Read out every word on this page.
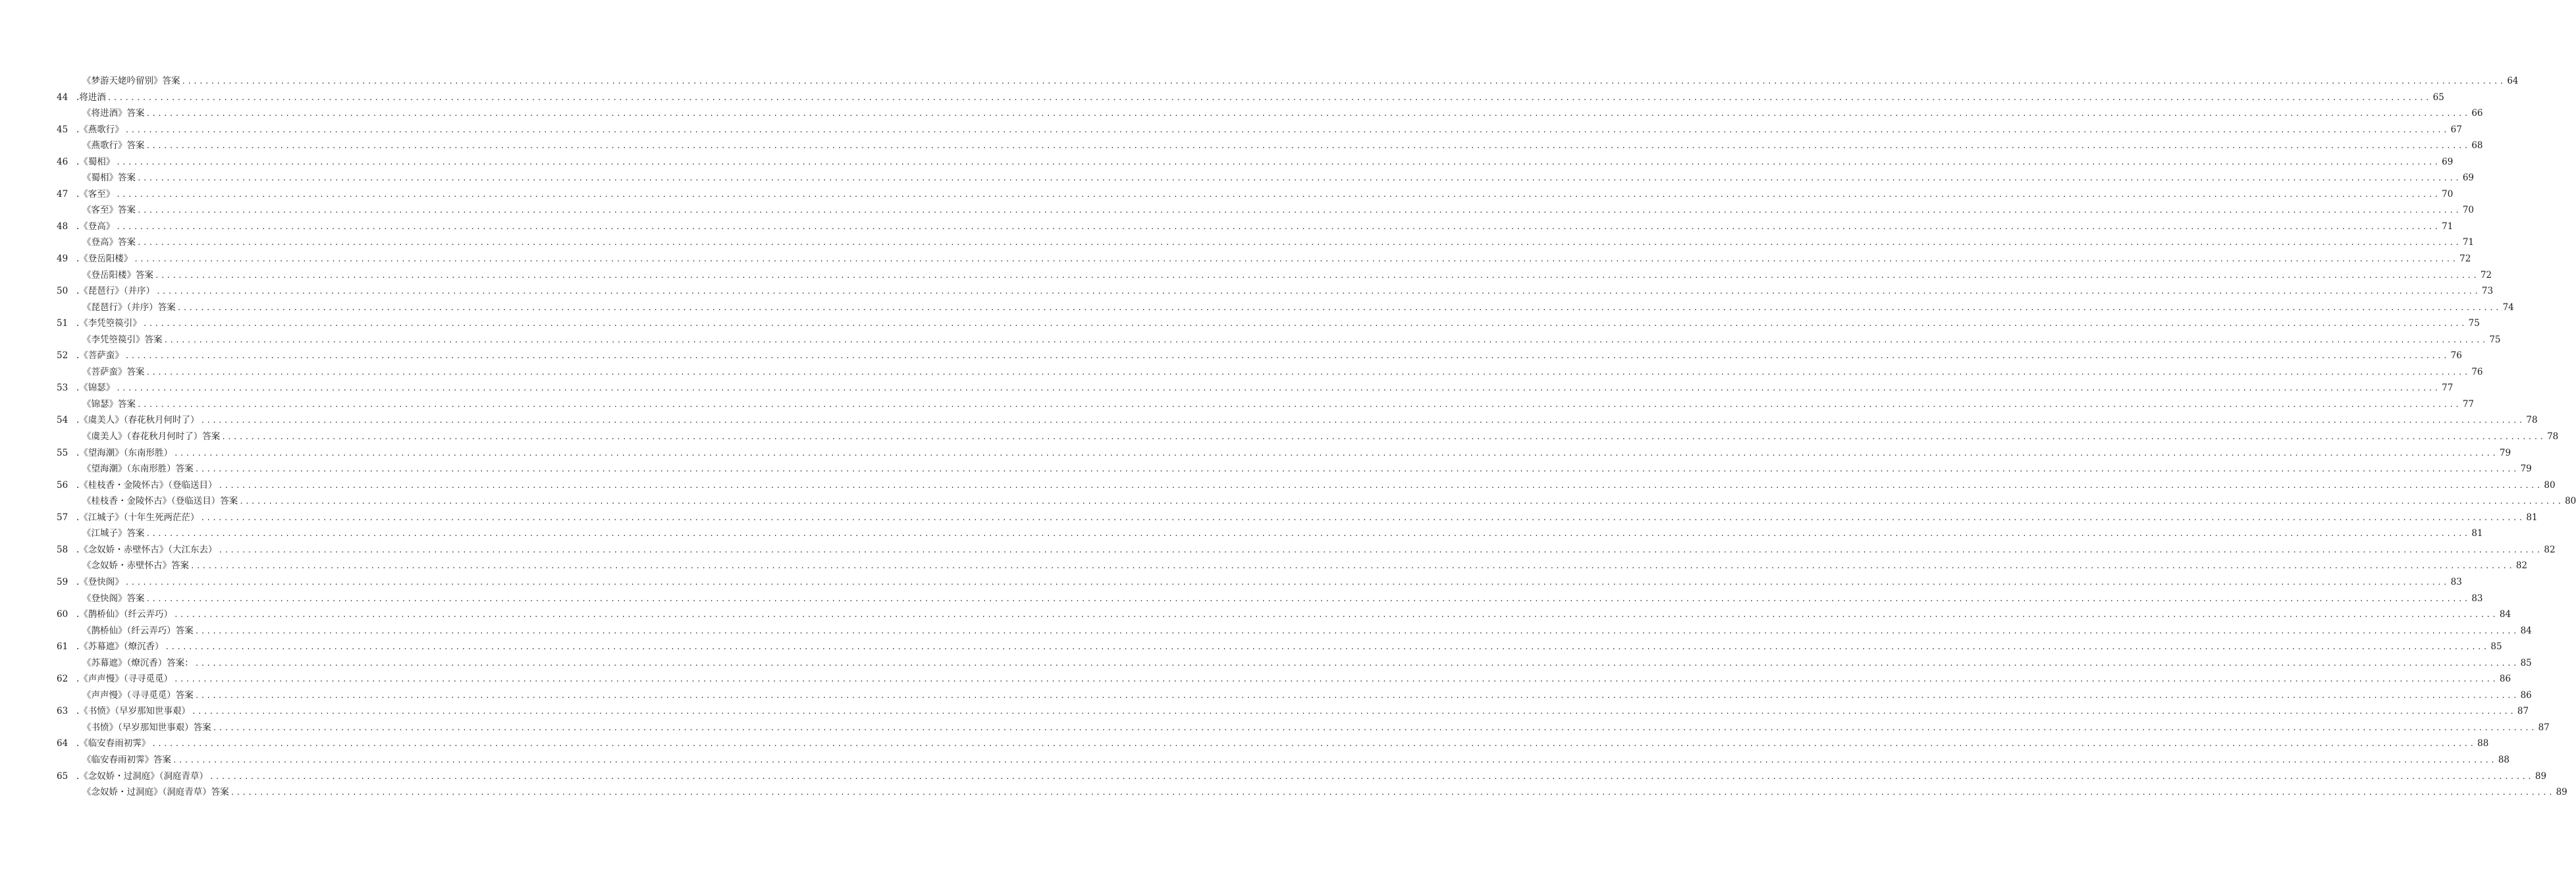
《梦游天姥吟留别》答案 ................................................................................................................................................................................................................................................................................................................................................................................................................ 64
44 .将进酒 ................................................................................................................................................................................................................................................................................................................................................................................................................ 65
《将进酒》答案 ................................................................................................................................................................................................................................................................................................................................................................................................................ 66
45 .《燕歌行》 ................................................................................................................................................................................................................................................................................................................................................................................................................ 67
《燕歌行》答案 ................................................................................................................................................................................................................................................................................................................................................................................................................ 68
46 .《蜀相》 ................................................................................................................................................................................................................................................................................................................................................................................................................ 69
《蜀相》答案 ................................................................................................................................................................................................................................................................................................................................................................................................................ 69
47 .《客至》 ................................................................................................................................................................................................................................................................................................................................................................................................................ 70
《客至》答案 ................................................................................................................................................................................................................................................................................................................................................................................................................ 70
48 .《登高》 ................................................................................................................................................................................................................................................................................................................................................................................................................ 71
《登高》答案 ................................................................................................................................................................................................................................................................................................................................................................................................................ 71
49 .《登岳阳楼》 ................................................................................................................................................................................................................................................................................................................................................................................................................ 72
《登岳阳楼》答案 ................................................................................................................................................................................................................................................................................................................................................................................................................ 72
50 .《琵琶行》（并序） ................................................................................................................................................................................................................................................................................................................................................................................................................ 73
《琵琶行》（并序）答案 ................................................................................................................................................................................................................................................................................................................................................................................................................ 74
51 .《李凭箜篌引》 ................................................................................................................................................................................................................................................................................................................................................................................................................ 75
《李凭箜篌引》答案 ................................................................................................................................................................................................................................................................................................................................................................................................................ 75
52 .《菩萨蛮》 ................................................................................................................................................................................................................................................................................................................................................................................................................ 76
《菩萨蛮》答案 ................................................................................................................................................................................................................................................................................................................................................................................................................ 76
53 .《锦瑟》 ................................................................................................................................................................................................................................................................................................................................................................................................................ 77
《锦瑟》答案 ................................................................................................................................................................................................................................................................................................................................................................................................................ 77
54 .《虞美人》（春花秋月何时了） ................................................................................................................................................................................................................................................................................................................................................................................................................ 78
《虞美人》（春花秋月何时了）答案 ................................................................................................................................................................................................................................................................................................................................................................................................................ 78
55 .《望海潮》（东南形胜） ................................................................................................................................................................................................................................................................................................................................................................................................................ 79
《望海潮》（东南形胜）答案 ................................................................................................................................................................................................................................................................................................................................................................................................................ 79
56 .《桂枝香・金陵怀古》（登临送目） ................................................................................................................................................................................................................................................................................................................................................................................................................ 80
《桂枝香・金陵怀古》（登临送目）答案 ................................................................................................................................................................................................................................................................................................................................................................................................................ 80
57 .《江城子》（十年生死两茫茫） ................................................................................................................................................................................................................................................................................................................................................................................................................ 81
《江城子》答案 ................................................................................................................................................................................................................................................................................................................................................................................................................ 81
58 .《念奴娇・赤壁怀古》（大江东去） ................................................................................................................................................................................................................................................................................................................................................................................................................ 82
《念奴娇・赤壁怀古》答案 ................................................................................................................................................................................................................................................................................................................................................................................................................ 82
59 .《登快阁》 ................................................................................................................................................................................................................................................................................................................................................................................................................ 83
《登快阁》答案 ................................................................................................................................................................................................................................................................................................................................................................................................................ 83
60 .《鹊桥仙》（纤云弄巧） ................................................................................................................................................................................................................................................................................................................................................................................................................ 84
《鹊桥仙》（纤云弄巧）答案 ................................................................................................................................................................................................................................................................................................................................................................................................................ 84
61 .《苏幕遮》（燎沉香） ................................................................................................................................................................................................................................................................................................................................................................................................................ 85
《苏幕遮》（燎沉香）答案： ................................................................................................................................................................................................................................................................................................................................................................................................................ 85
62 .《声声慢》（寻寻觅觅） ................................................................................................................................................................................................................................................................................................................................................................................................................ 86
《声声慢》（寻寻觅觅）答案 ................................................................................................................................................................................................................................................................................................................................................................................................................ 86
63 .《书愤》（早岁那知世事艰） ................................................................................................................................................................................................................................................................................................................................................................................................................ 87
《书愤》（早岁那知世事艰）答案 ................................................................................................................................................................................................................................................................................................................................................................................................................ 87
64 .《临安春雨初霁》 ................................................................................................................................................................................................................................................................................................................................................................................................................ 88
《临安春雨初霁》答案 ................................................................................................................................................................................................................................................................................................................................................................................................................ 88
65 .《念奴娇・过洞庭》（洞庭青草） ................................................................................................................................................................................................................................................................................................................................................................................................................ 89
《念奴娇・过洞庭》（洞庭青草）答案 ................................................................................................................................................................................................................................................................................................................................................................................................................ 89
